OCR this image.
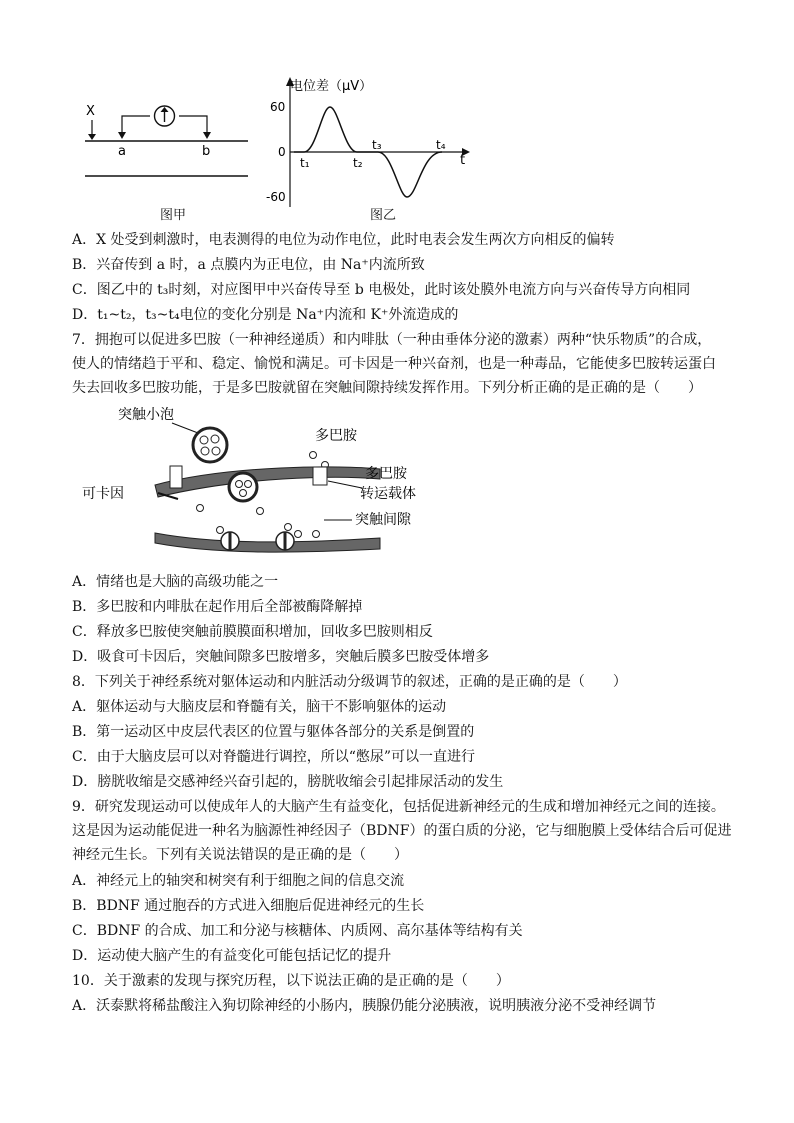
X
a	b
图甲
电位差（μV）
60
0
-60
t
t₁	t₂
t₃	t₄
图乙
A．X 处受到刺激时，电表测得的电位为动作电位，此时电表会发生两次方向相反的偏转
B．兴奋传到 a 时，a 点膜内为正电位，由 Na⁺内流所致
C．图乙中的 t₃时刻，对应图甲中兴奋传导至 b 电极处，此时该处膜外电流方向与兴奋传导方向相同
D．t₁~t₂，t₃~t₄电位的变化分别是 Na⁺内流和 K⁺外流造成的
7．拥抱可以促进多巴胺（一种神经递质）和内啡肽（一种由垂体分泌的激素）两种“快乐物质”的合成，
使人的情绪趋于平和、稳定、愉悦和满足。可卡因是一种兴奋剂，也是一种毒品，它能使多巴胺转运蛋白
失去回收多巴胺功能，于是多巴胺就留在突触间隙持续发挥作用。下列分析正确的是正确的是（　　）
突触小泡
多巴胺
可卡因
多巴胺
转运载体
突触间隙
A．情绪也是大脑的高级功能之一
B．多巴胺和内啡肽在起作用后全部被酶降解掉
C．释放多巴胺使突触前膜膜面积增加，回收多巴胺则相反
D．吸食可卡因后，突触间隙多巴胺增多，突触后膜多巴胺受体增多
8．下列关于神经系统对躯体运动和内脏活动分级调节的叙述，正确的是正确的是（　　）
A．躯体运动与大脑皮层和脊髓有关，脑干不影响躯体的运动
B．第一运动区中皮层代表区的位置与躯体各部分的关系是倒置的
C．由于大脑皮层可以对脊髓进行调控，所以“憋尿”可以一直进行
D．膀胱收缩是交感神经兴奋引起的，膀胱收缩会引起排尿活动的发生
9．研究发现运动可以使成年人的大脑产生有益变化，包括促进新神经元的生成和增加神经元之间的连接。
这是因为运动能促进一种名为脑源性神经因子（BDNF）的蛋白质的分泌，它与细胞膜上受体结合后可促进
神经元生长。下列有关说法错误的是正确的是（　　）
A．神经元上的轴突和树突有利于细胞之间的信息交流
B．BDNF 通过胞吞的方式进入细胞后促进神经元的生长
C．BDNF 的合成、加工和分泌与核糖体、内质网、高尔基体等结构有关
D．运动使大脑产生的有益变化可能包括记忆的提升
10．关于激素的发现与探究历程，以下说法正确的是正确的是（　　）
A．沃泰默将稀盐酸注入狗切除神经的小肠内，胰腺仍能分泌胰液，说明胰液分泌不受神经调节
